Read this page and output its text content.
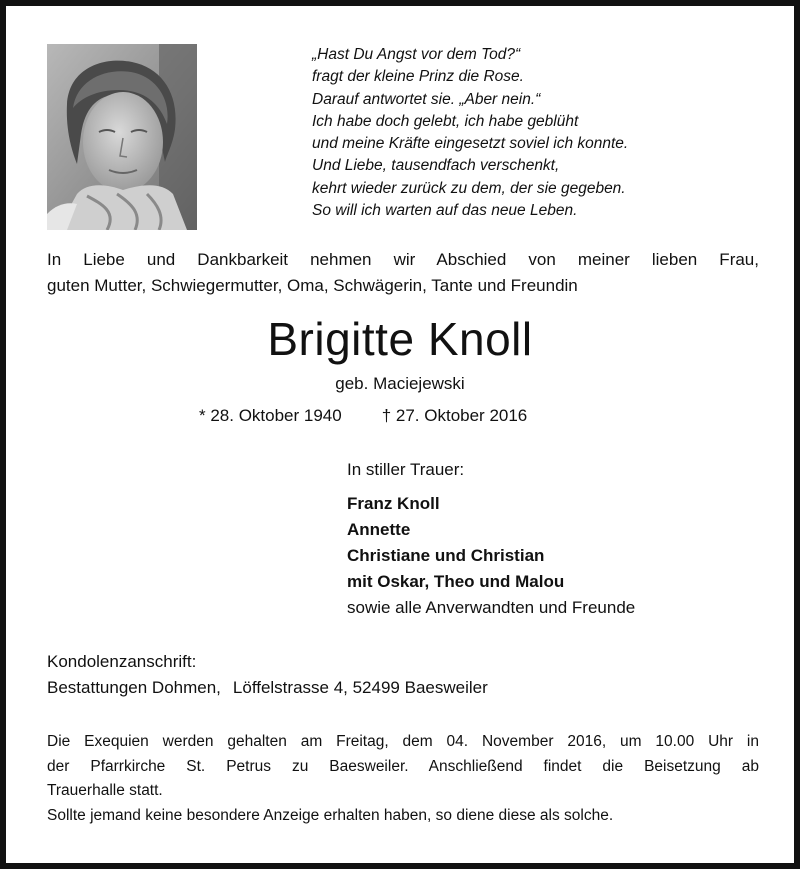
„Hast Du Angst vor dem Tod?“
fragt der kleine Prinz die Rose.
Darauf antwortet sie. „Aber nein.“
Ich habe doch gelebt, ich habe geblüht
und meine Kräfte eingesetzt soviel ich konnte.
Und Liebe, tausendfach verschenkt,
kehrt wieder zurück zu dem, der sie gegeben.
So will ich warten auf das neue Leben.
In Liebe und Dankbarkeit nehmen wir Abschied von meiner lieben Frau,
guten Mutter, Schwiegermutter, Oma, Schwägerin, Tante und Freundin
Brigitte Knoll
geb. Maciejewski
* 28. Oktober 1940 † 27. Oktober 2016
In stiller Trauer:
Franz Knoll
Annette
Christiane und Christian
mit Oskar, Theo und Malou
sowie alle Anverwandten und Freunde
Kondolenzanschrift:
Bestattungen Dohmen, Löffelstrasse 4, 52499 Baesweiler
Die Exequien werden gehalten am Freitag, dem 04. November 2016, um 10.00 Uhr in
der Pfarrkirche St. Petrus zu Baesweiler. Anschließend findet die Beisetzung ab
Trauerhalle statt.
Sollte jemand keine besondere Anzeige erhalten haben, so diene diese als solche.
